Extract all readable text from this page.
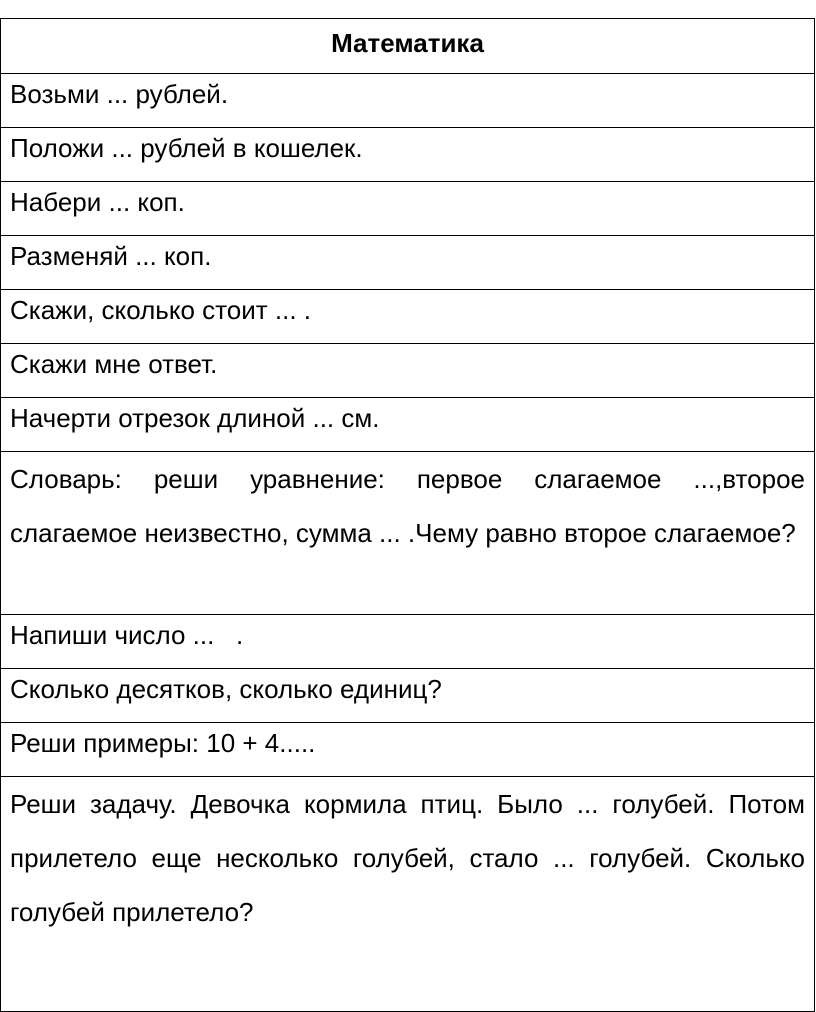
Математика

Возьми ... рублей.

Положи ... рублей в кошелек.

Набери ... коп.

Разменяй ... коп.

Скажи, сколько стоит ... .

Скажи мне ответ.

Начерти отрезок длиной ... см.

Словарь: реши уравнение: первое слагаемое ...,второе слагаемое неизвестно, сумма ... .Чему равно второе слагаемое?

Напиши число ...   .

Сколько десятков, сколько единиц?

Реши примеры: 10 + 4.....

Реши задачу. Девочка кормила птиц. Было ... голубей. Потом прилетело еще несколько голубей, стало ... голубей. Сколько голубей прилетело?
